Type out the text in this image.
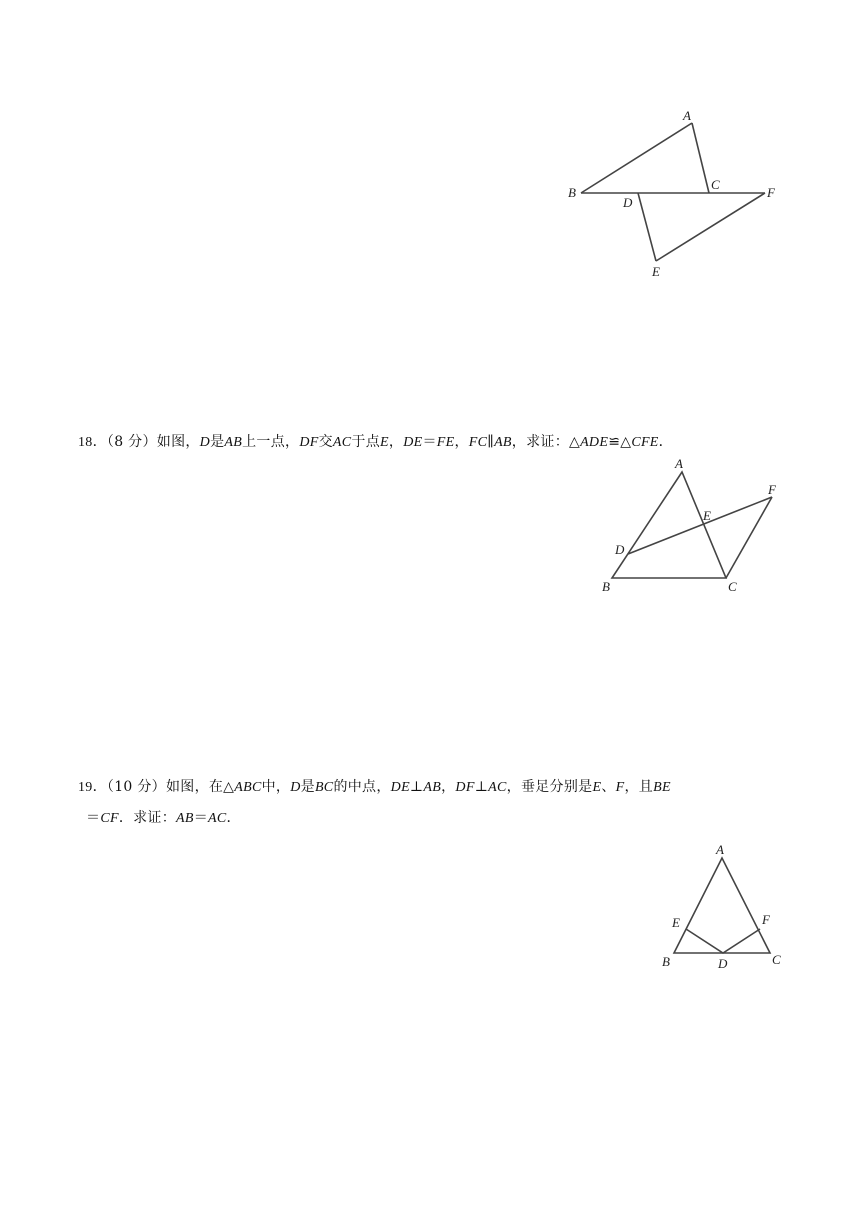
A
B
C
D
E
F
18．（8 分）如图，D是AB上一点，DF交AC于点E，DE＝FE，FC∥AB，求证：△ADE≌△CFE．
A
B	C
D
E
F
19．（10 分）如图，在△ABC中，D是BC的中点，DE⊥AB，DF⊥AC，垂足分别是E、F，且BE
＝CF．求证：AB＝AC．
A
B	C
D
E	F
